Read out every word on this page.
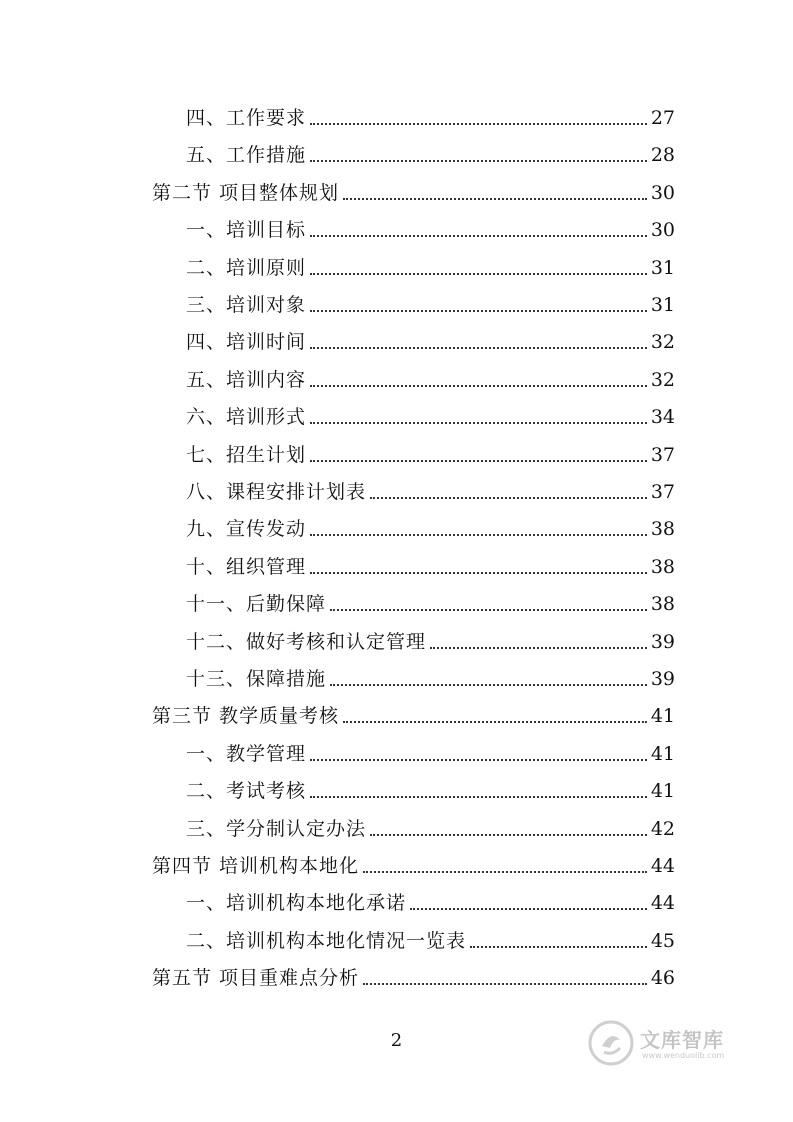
四、工作要求	27
五、工作措施	28
第二节 项目整体规划	30
一、培训目标	30
二、培训原则	31
三、培训对象	31
四、培训时间	32
五、培训内容	32
六、培训形式	34
七、招生计划	37
八、课程安排计划表	37
九、宣传发动	38
十、组织管理	38
十一、后勤保障	38
十二、做好考核和认定管理	39
十三、保障措施	39
第三节 教学质量考核	41
一、教学管理	41
二、考试考核	41
三、学分制认定办法	42
第四节 培训机构本地化	44
一、培训机构本地化承诺	44
二、培训机构本地化情况一览表	45
第五节 项目重难点分析	46
2	文库智库
www.wenduolib.com
